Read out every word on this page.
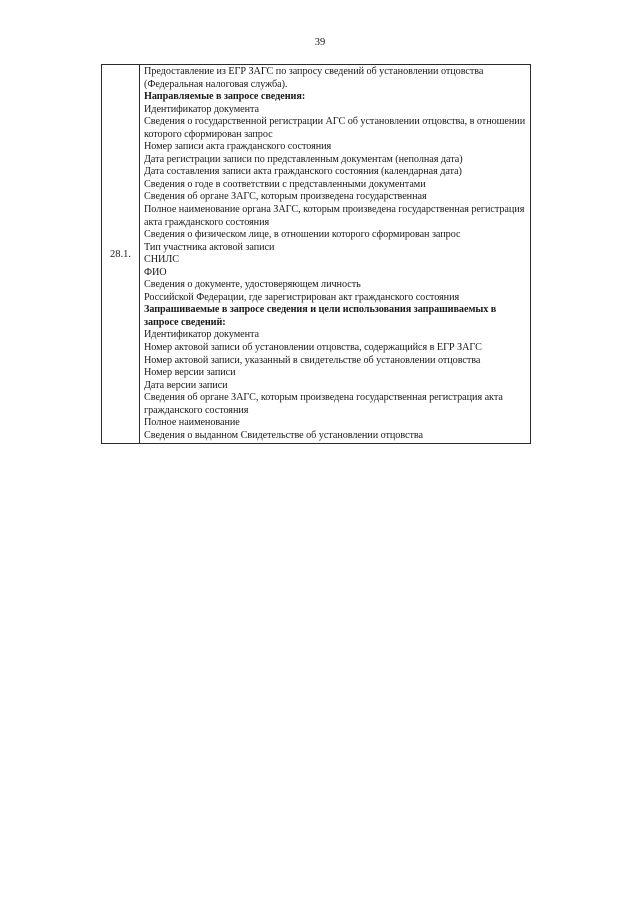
39
28.1.	
Предоставление из ЕГР ЗАГС по запросу сведений об установлении отцовства
(Федеральная налоговая служба).
Направляемые в запросе сведения:
Идентификатор документа
Сведения о государственной регистрации АГС об установлении отцовства, в отношении
которого сформирован запрос
Номер записи акта гражданского состояния
Дата регистрации записи по представленным документам (неполная дата)
Дата составления записи акта гражданского состояния (календарная дата)
Сведения о годе в соответствии с представленными документами
Сведения об органе ЗАГС, которым произведена государственная
Полное наименование органа ЗАГС, которым произведена государственная регистрация
акта гражданского состояния
Сведения о физическом лице, в отношении которого сформирован запрос
Тип участника актовой записи
СНИЛС
ФИО
Сведения о документе, удостоверяющем личность
Российской Федерации, где зарегистрирован акт гражданского состояния
Запрашиваемые в запросе сведения и цели использования запрашиваемых в
запросе сведений:
Идентификатор документа
Номер актовой записи об установлении отцовства, содержащийся в ЕГР ЗАГС
Номер актовой записи, указанный в свидетельстве об установлении отцовства
Номер версии записи
Дата версии записи
Сведения об органе ЗАГС, которым произведена государственная регистрация акта
гражданского состояния
Полное наименование
Сведения о выданном Свидетельстве об установлении отцовства
